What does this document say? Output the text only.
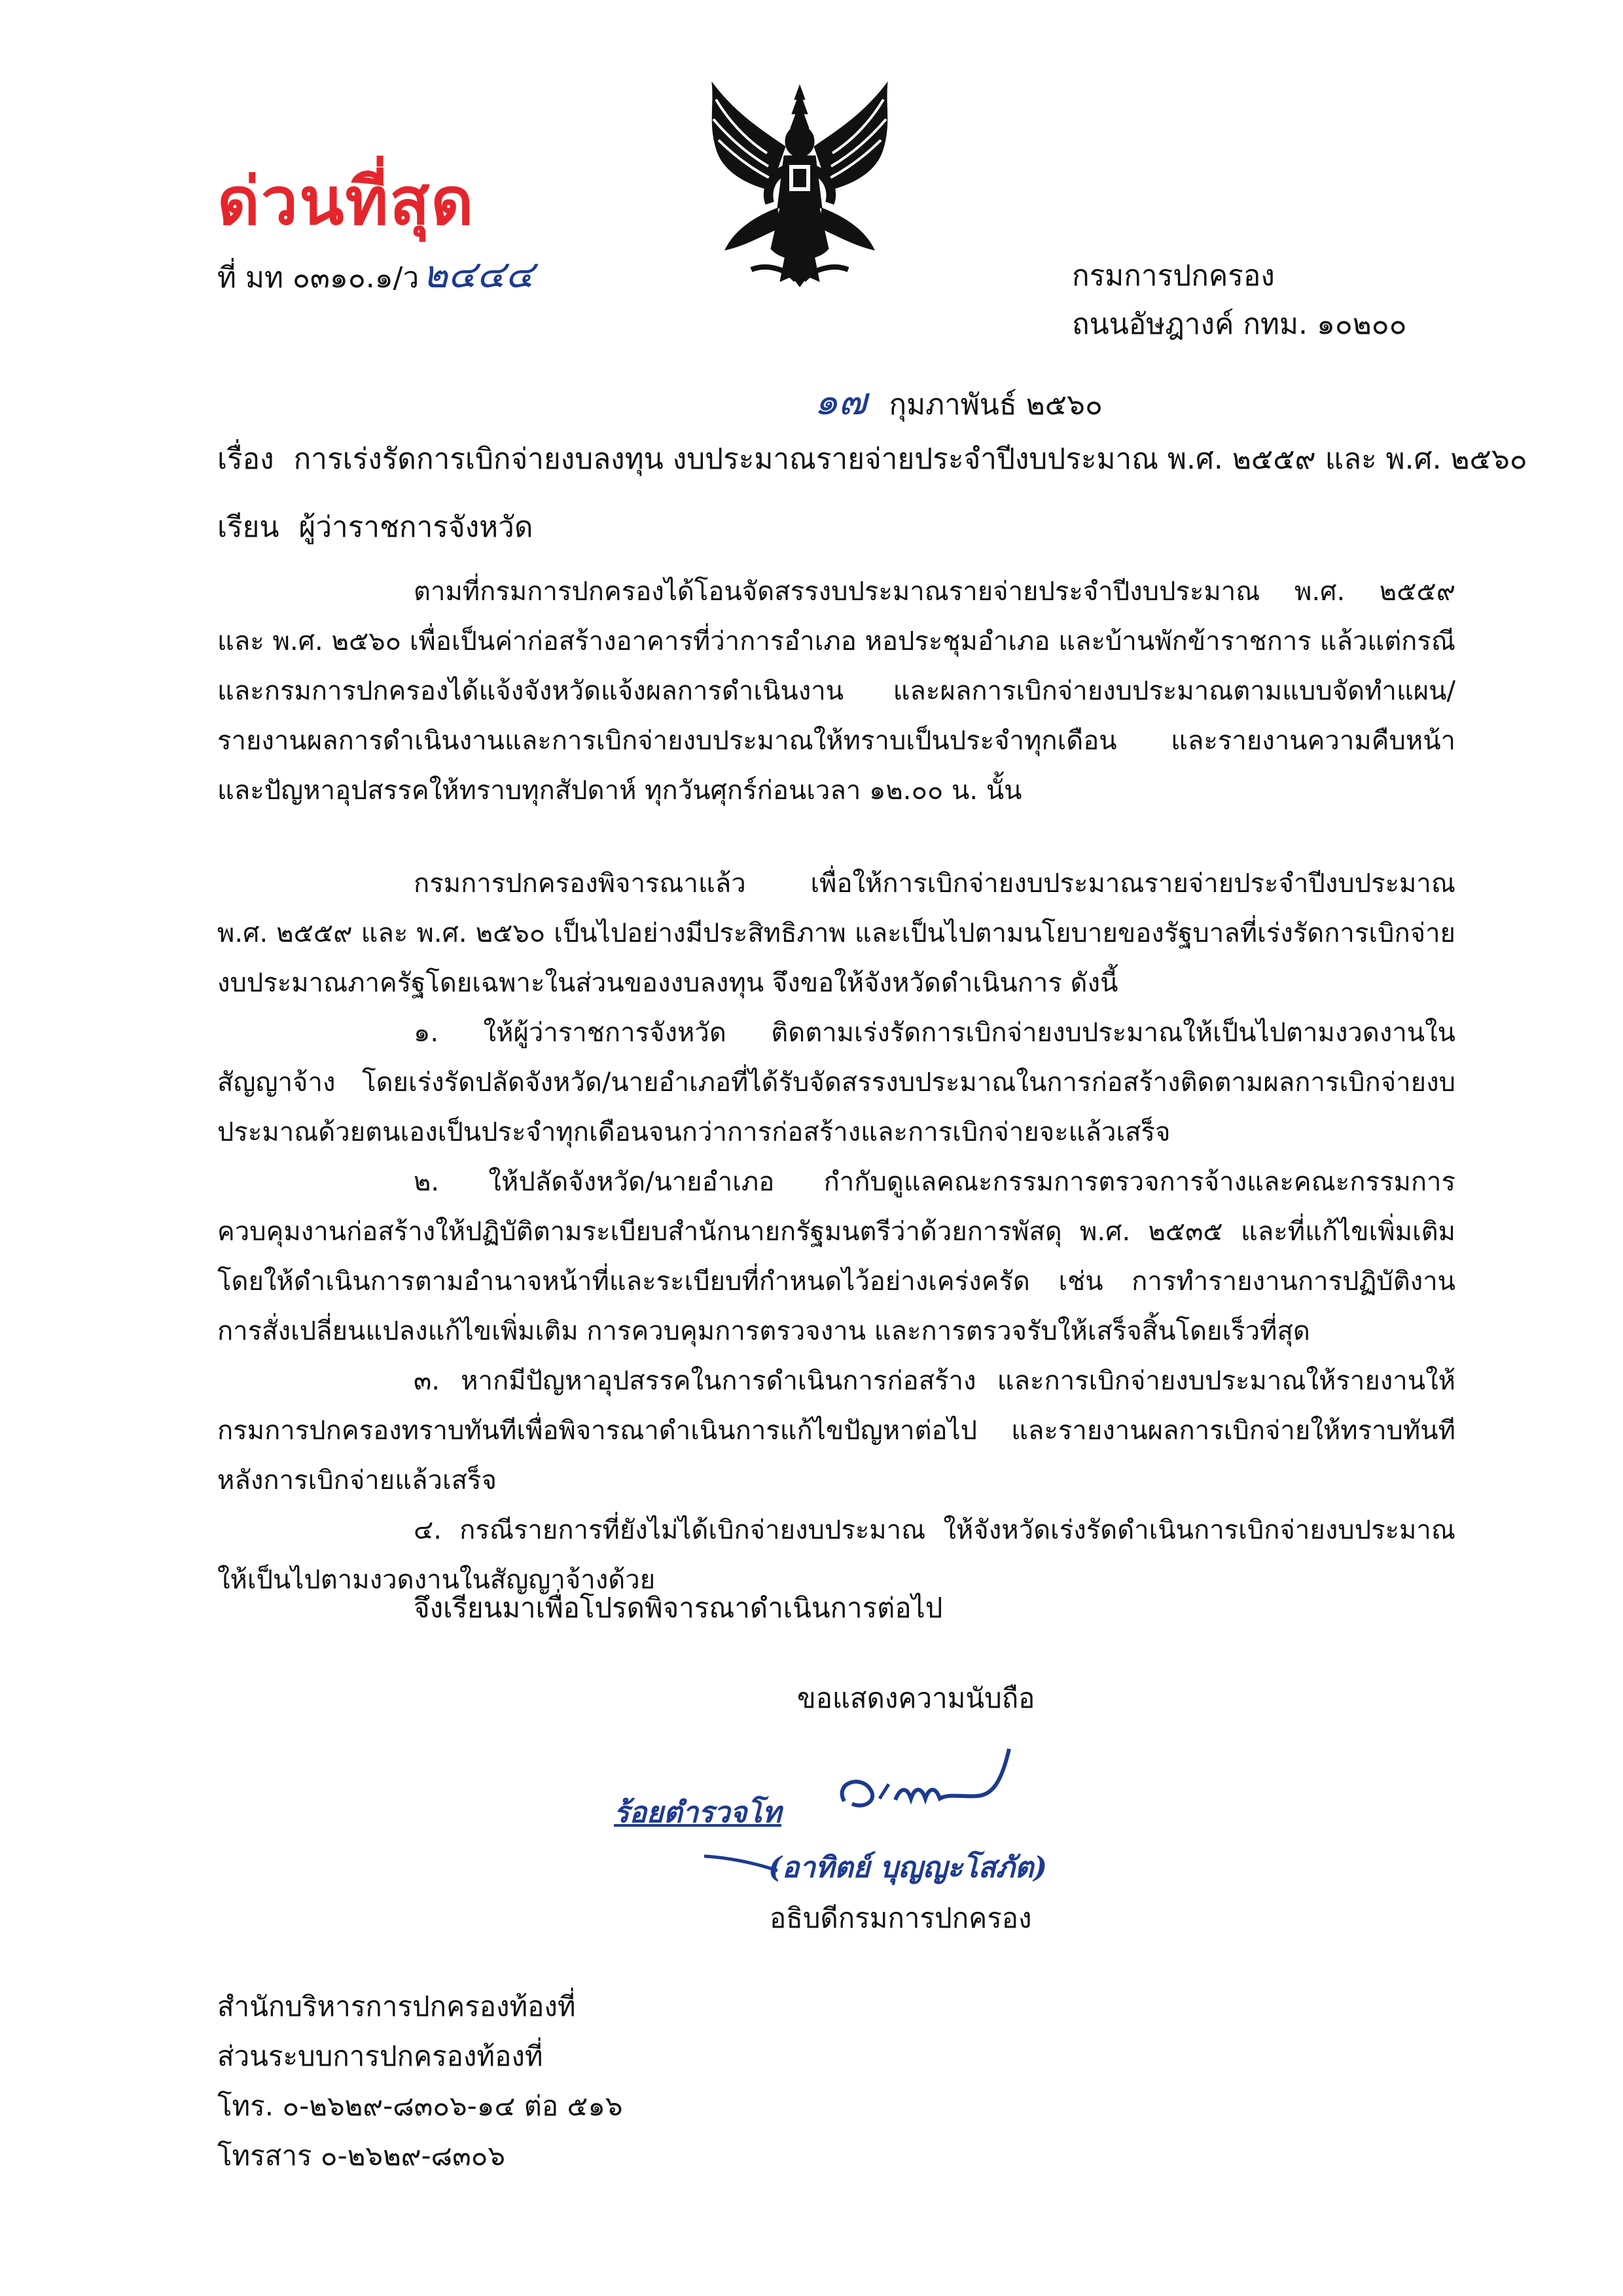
ด่วนที่สุด
ที่ มท ๐๓๑๐.๑/ว ๒๔๔๔	กรมการปกครอง
ถนนอัษฎางค์ กทม. ๑๐๒๐๐
๑๗ กุมภาพันธ์ ๒๕๖๐
เรื่อง การเร่งรัดการเบิกจ่ายงบลงทุน งบประมาณรายจ่ายประจำปีงบประมาณ พ.ศ. ๒๕๕๙ และ พ.ศ. ๒๕๖๐
เรียน ผู้ว่าราชการจังหวัด

ตามที่กรมการปกครองได้โอนจัดสรรงบประมาณรายจ่ายประจำปีงบประมาณ พ.ศ. ๒๕๕๙ และ พ.ศ. ๒๕๖๐ เพื่อเป็นค่าก่อสร้างอาคารที่ว่าการอำเภอ หอประชุมอำเภอ และบ้านพักข้าราชการ แล้วแต่กรณี และกรมการปกครองได้แจ้งจังหวัดแจ้งผลการดำเนินงาน และผลการเบิกจ่ายงบประมาณตามแบบจัดทำแผน/รายงานผลการดำเนินงานและการเบิกจ่ายงบประมาณให้ทราบเป็นประจำทุกเดือน และรายงานความคืบหน้าและปัญหาอุปสรรคให้ทราบทุกสัปดาห์ ทุกวันศุกร์ก่อนเวลา ๑๒.๐๐ น. นั้น

กรมการปกครองพิจารณาแล้ว เพื่อให้การเบิกจ่ายงบประมาณรายจ่ายประจำปีงบประมาณ พ.ศ. ๒๕๕๙ และ พ.ศ. ๒๕๖๐ เป็นไปอย่างมีประสิทธิภาพ และเป็นไปตามนโยบายของรัฐบาลที่เร่งรัดการเบิกจ่ายงบประมาณภาครัฐโดยเฉพาะในส่วนของงบลงทุน จึงขอให้จังหวัดดำเนินการ ดังนี้

๑. ให้ผู้ว่าราชการจังหวัด ติดตามเร่งรัดการเบิกจ่ายงบประมาณให้เป็นไปตามงวดงานในสัญญาจ้าง โดยเร่งรัดปลัดจังหวัด/นายอำเภอที่ได้รับจัดสรรงบประมาณในการก่อสร้างติดตามผลการเบิกจ่ายงบประมาณด้วยตนเองเป็นประจำทุกเดือนจนกว่าการก่อสร้างและการเบิกจ่ายจะแล้วเสร็จ

๒. ให้ปลัดจังหวัด/นายอำเภอ กำกับดูแลคณะกรรมการตรวจการจ้างและคณะกรรมการควบคุมงานก่อสร้างให้ปฏิบัติตามระเบียบสำนักนายกรัฐมนตรีว่าด้วยการพัสดุ พ.ศ. ๒๕๓๕ และที่แก้ไขเพิ่มเติม โดยให้ดำเนินการตามอำนาจหน้าที่และระเบียบที่กำหนดไว้อย่างเคร่งครัด เช่น การทำรายงานการปฏิบัติงาน การสั่งเปลี่ยนแปลงแก้ไขเพิ่มเติม การควบคุมการตรวจงาน และการตรวจรับให้เสร็จสิ้นโดยเร็วที่สุด

๓. หากมีปัญหาอุปสรรคในการดำเนินการก่อสร้าง และการเบิกจ่ายงบประมาณให้รายงานให้กรมการปกครองทราบทันทีเพื่อพิจารณาดำเนินการแก้ไขปัญหาต่อไป และรายงานผลการเบิกจ่ายให้ทราบทันทีหลังการเบิกจ่ายแล้วเสร็จ

๔. กรณีรายการที่ยังไม่ได้เบิกจ่ายงบประมาณ ให้จังหวัดเร่งรัดดำเนินการเบิกจ่ายงบประมาณให้เป็นไปตามงวดงานในสัญญาจ้างด้วย

จึงเรียนมาเพื่อโปรดพิจารณาดำเนินการต่อไป
ขอแสดงความนับถือ
ร้อยตำรวจโท
(อาทิตย์ บุญญะโสภัต)
อธิบดีกรมการปกครอง
สำนักบริหารการปกครองท้องที่
ส่วนระบบการปกครองท้องที่
โทร. ๐-๒๖๒๙-๘๓๐๖-๑๔ ต่อ ๕๑๖
โทรสาร ๐-๒๖๒๙-๘๓๐๖
